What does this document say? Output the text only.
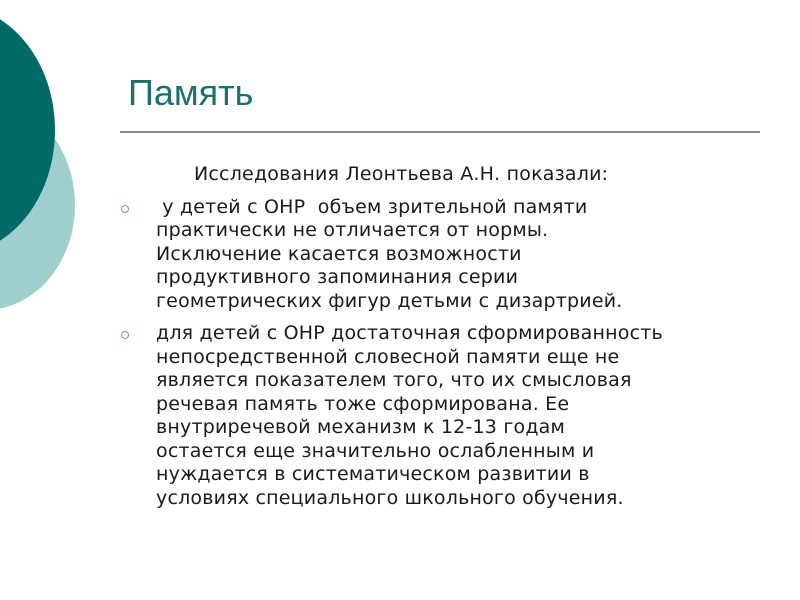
Память

Исследования Леонтьева А.Н. показали:

у детей с ОНР  объем зрительной памяти
практически не отличается от нормы.
Исключение касается возможности
продуктивного запоминания серии
геометрических фигур детьми с дизартрией.
для детей с ОНР достаточная сформированность
непосредственной словесной памяти еще не
является показателем того, что их смысловая
речевая память тоже сформирована. Ее
внутриречевой механизм к 12-13 годам
остается еще значительно ослабленным и
нуждается в систематическом развитии в
условиях специального школьного обучения.
